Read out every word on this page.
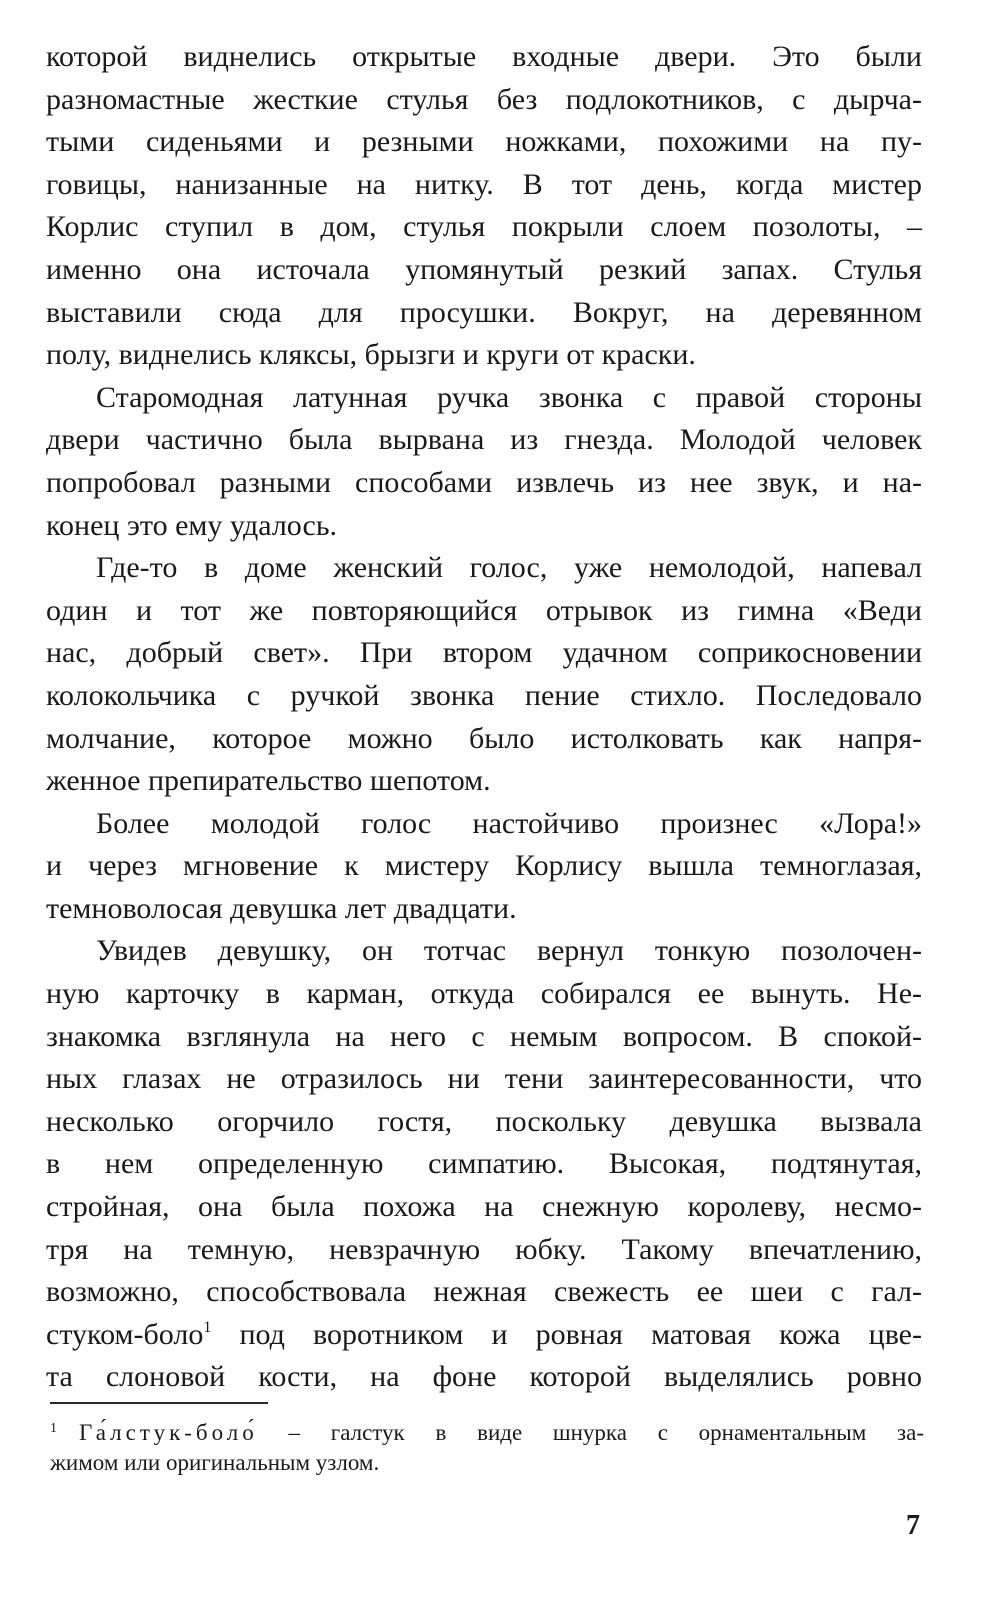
которой виднелись открытые входные двери. Это были
разномастные жесткие стулья без подлокотников, с дырча-
тыми сиденьями и резными ножками, похожими на пу-
говицы, нанизанные на нитку. В тот день, когда мистер
Корлис ступил в дом, стулья покрыли слоем позолоты, –
именно она источала упомянутый резкий запах. Стулья
выставили сюда для просушки. Вокруг, на деревянном
полу, виднелись кляксы, брызги и круги от краски.
Старомодная латунная ручка звонка с правой стороны
двери частично была вырвана из гнезда. Молодой человек
попробовал разными способами извлечь из нее звук, и на-
конец это ему удалось.
Где-то в доме женский голос, уже немолодой, напевал
один и тот же повторяющийся отрывок из гимна «Веди
нас, добрый свет». При втором удачном соприкосновении
колокольчика с ручкой звонка пение стихло. Последовало
молчание, которое можно было истолковать как напря-
женное препирательство шепотом.
Более молодой голос настойчиво произнес «Лора!»
и через мгновение к мистеру Корлису вышла темноглазая,
темноволосая девушка лет двадцати.
Увидев девушку, он тотчас вернул тонкую позолочен-
ную карточку в карман, откуда собирался ее вынуть. Не-
знакомка взглянула на него с немым вопросом. В спокой-
ных глазах не отразилось ни тени заинтересованности, что
несколько огорчило гостя, поскольку девушка вызвала
в нем определенную симпатию. Высокая, подтянутая,
стройная, она была похожа на снежную королеву, несмо-
тря на темную, невзрачную юбку. Такому впечатлению,
возможно, способствовала нежная свежесть ее шеи с гал-
стуком-боло$^1$ под воротником и ровная матовая кожа цве-
та слоновой кости, на фоне которой выделялись ровно
$^1$ Га́лстук-боло́ – галстук в виде шнурка с орнаментальным за-
жимом или оригинальным узлом.
7
